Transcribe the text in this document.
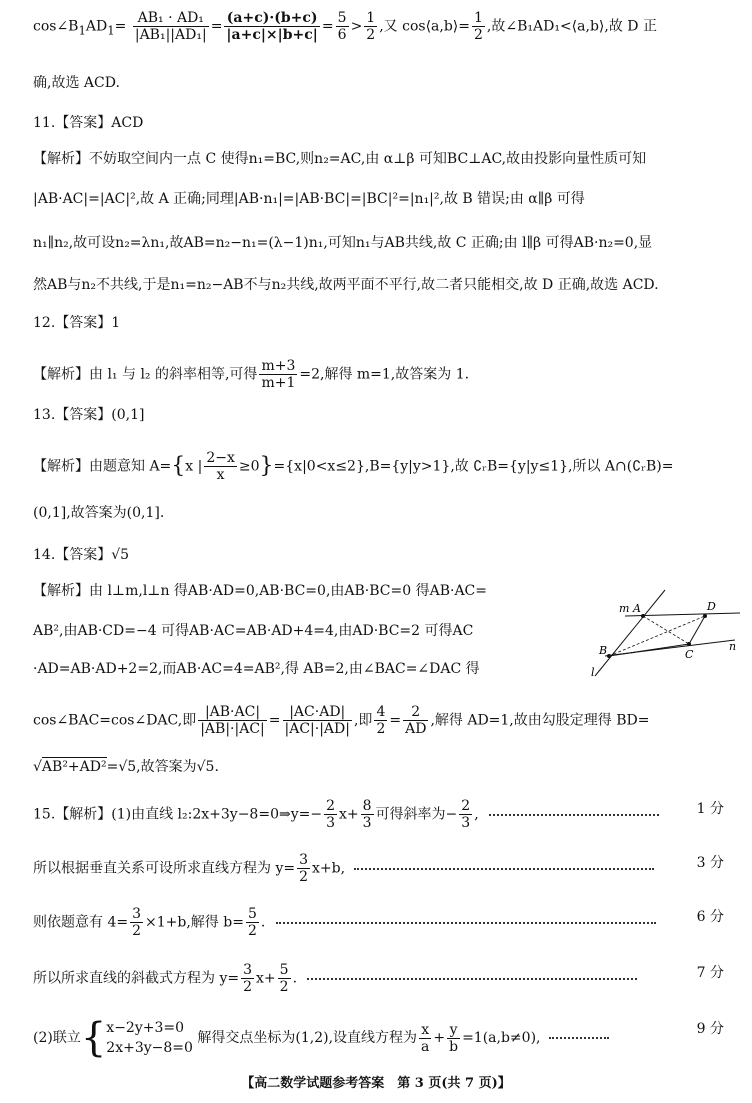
$\cos\angle B_1AD_1= \frac{\text{AB₁ · AD₁}}{\text{|AB₁||AD₁|}} = \frac{(a+c)\cdot(b+c)}{|a+c|\times|b+c|} = \frac{5}{6} > \frac{1}{2}$ ,又 cos⟨a,b⟩= $\frac{1}{2}$ ,故∠B₁AD₁<⟨a,b⟩,故 D 正
确,故选 ACD.
11.【答案】ACD
【解析】不妨取空间内一点 C 使得n₁=BC,则n₂=AC,由 α⊥β 可知BC⊥AC,故由投影向量性质可知
|AB·AC|=|AC|²,故 A 正确;同理|AB·n₁|=|AB·BC|=|BC|²=|n₁|²,故 B 错误;由 α∥β 可得
n₁∥n₂,故可设n₂=λn₁,故AB=n₂−n₁=(λ−1)n₁,可知n₁与AB共线,故 C 正确;由 l∥β 可得AB·n₂=0,显
然AB与n₂不共线,于是n₁=n₂−AB不与n₂共线,故两平面不平行,故二者只能相交,故 D 正确,故选 ACD.
12.【答案】1
【解析】由 l₁ 与 l₂ 的斜率相等,可得 $\frac{m+3}{m+1} =2$,解得 m=1,故答案为 1.
13.【答案】(0,1]
【解析】由题意知 A={x | $\frac{2-x}{x} \ge 0\}=\{x|0<x\le 2\},B=\{y|y>1\}$,故 ∁ᵣB={y|y≤1},所以 A∩(∁ᵣB)=
(0,1],故答案为(0,1].
14.【答案】√5
【解析】由 l⊥m,l⊥n 得AB·AD=0,AB·BC=0,由AB·BC=0 得AB·AC=
AB²,由AB·CD=−4 可得AB·AC=AB·AD+4=4,由AD·BC=2 可得AC
·AD=AB·AD+2=2,而AB·AC=4=AB²,得 AB=2,由∠BAC=∠DAC 得
m A	D
B	C
n
l
cos∠BAC=cos∠DAC,即 $\frac{|AB\cdot AC|}{|AB|\cdot|AC|} = \frac{|AC\cdot AD|}{|AC|\cdot|AD|}$ ,即 $\frac{4}{2} = \frac{2}{AD}$ ,解得 AD=1,故由勾股定理得 BD=
√AB²+AD²=√5,故答案为√5.
15.【解析】(1)由直线 l₂:2x+3y−8=0⇒y=− $\frac{2}{3} x+ \frac{8}{3}$ 可得斜率为− $\frac{2}{3}$ ,	1 分
所以根据垂直关系可设所求直线方程为 $y= \frac{3}{2} x+b$,	3 分
则依题意有 $4= \frac{3}{2} \times 1+b$,解得 $b= \frac{5}{2}$ .	6 分
所以所求直线的斜截式方程为 $y= \frac{3}{2} x+ \frac{5}{2}$ .	7 分
(2)联立{ x−2y+3=0
2x+3y−8=0
解得交点坐标为(1,2),设直线方程为 $\frac{x}{a} + \frac{y}{b} =1(a,b\ne 0)$,
9 分
【高二数学试题参考答案　第 3 页(共 7 页)】
